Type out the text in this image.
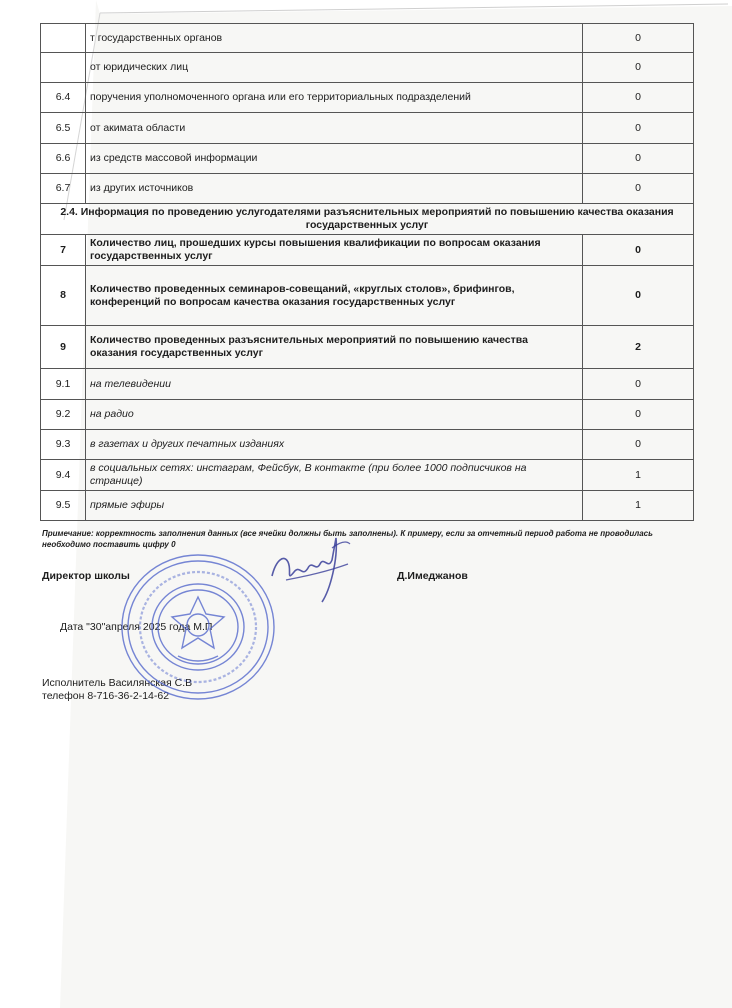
	т государственных органов	0
	от юридических лиц	0
6.4	поручения уполномоченного органа или его территориальных подразделений	0
6.5	от акимата области	0
6.6	из средств массовой информации	0
6.7	из других источников	0
2.4. Информация по проведению услугодателями разъяснительных мероприятий по повышению качества оказания государственных услуг		
7	Количество лиц, прошедших курсы повышения квалификации по вопросам оказания государственных услуг	0
8	Количество проведенных семинаров-совещаний, «круглых столов», брифингов, конференций по вопросам качества оказания государственных услуг	0
9	Количество проведенных разъяснительных мероприятий по повышению качества оказания государственных услуг	2
9.1	на телевидении	0
9.2	на радио	0
9.3	в газетах и других печатных изданиях	0
9.4	в социальных сетях: инстаграм, Фейсбук, В контакте (при более 1000 подписчиков на странице)	1
9.5	прямые эфиры	1
Примечание: корректность заполнения данных (все ячейки должны быть заполнены). К примеру, если за отчетный период работа не проводилась необходимо поставить цифру 0
Директор школы	Д.Имеджанов
Дата "30"апреля 2025 года М.П
Исполнитель Василянская С.В
телефон 8-716-36-2-14-62
